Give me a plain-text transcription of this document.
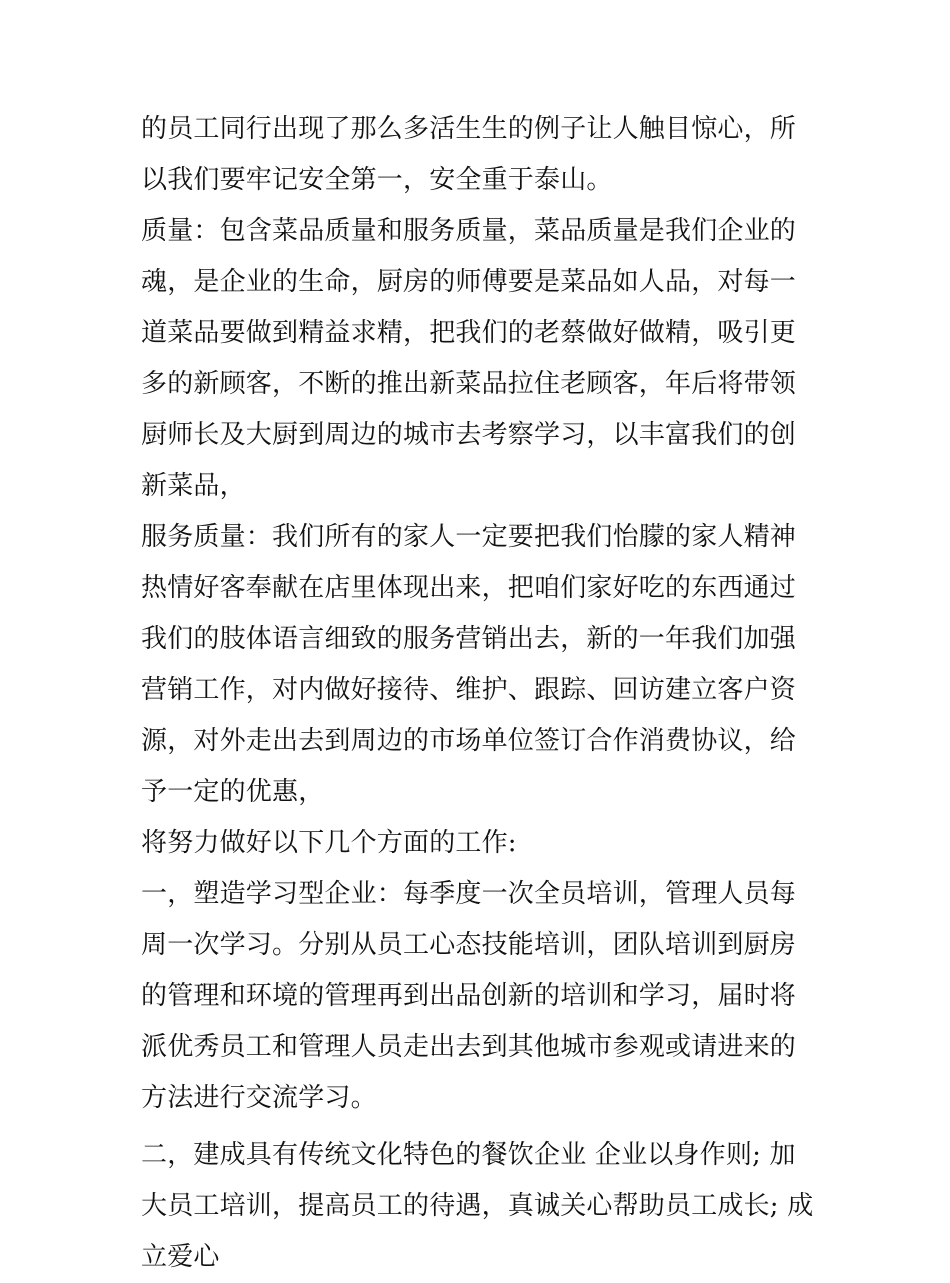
的员工同行出现了那么多活生生的例子让人触目惊心，所以我们要牢记安全第一，安全重于泰山。

质量：包含菜品质量和服务质量，菜品质量是我们企业的魂，是企业的生命，厨房的师傅要是菜品如人品，对每一道菜品要做到精益求精，把我们的老蔡做好做精，吸引更多的新顾客，不断的推出新菜品拉住老顾客，年后将带领厨师长及大厨到周边的城市去考察学习，以丰富我们的创新菜品，

服务质量：我们所有的家人一定要把我们怡朦的家人精神热情好客奉献在店里体现出来，把咱们家好吃的东西通过我们的肢体语言细致的服务营销出去，新的一年我们加强营销工作，对内做好接待、维护、跟踪、回访建立客户资源，对外走出去到周边的市场单位签订合作消费协议，给予一定的优惠，

将努力做好以下几个方面的工作:

一，塑造学习型企业：每季度一次全员培训，管理人员每周一次学习。分别从员工心态技能培训，团队培训到厨房的管理和环境的管理再到出品创新的培训和学习，届时将派优秀员工和管理人员走出去到其他城市参观或请进来的方法进行交流学习。

二，建成具有传统文化特色的餐饮企业 企业以身作则; 加大员工培训，提高员工的待遇，真诚关心帮助员工成长; 成立爱心
